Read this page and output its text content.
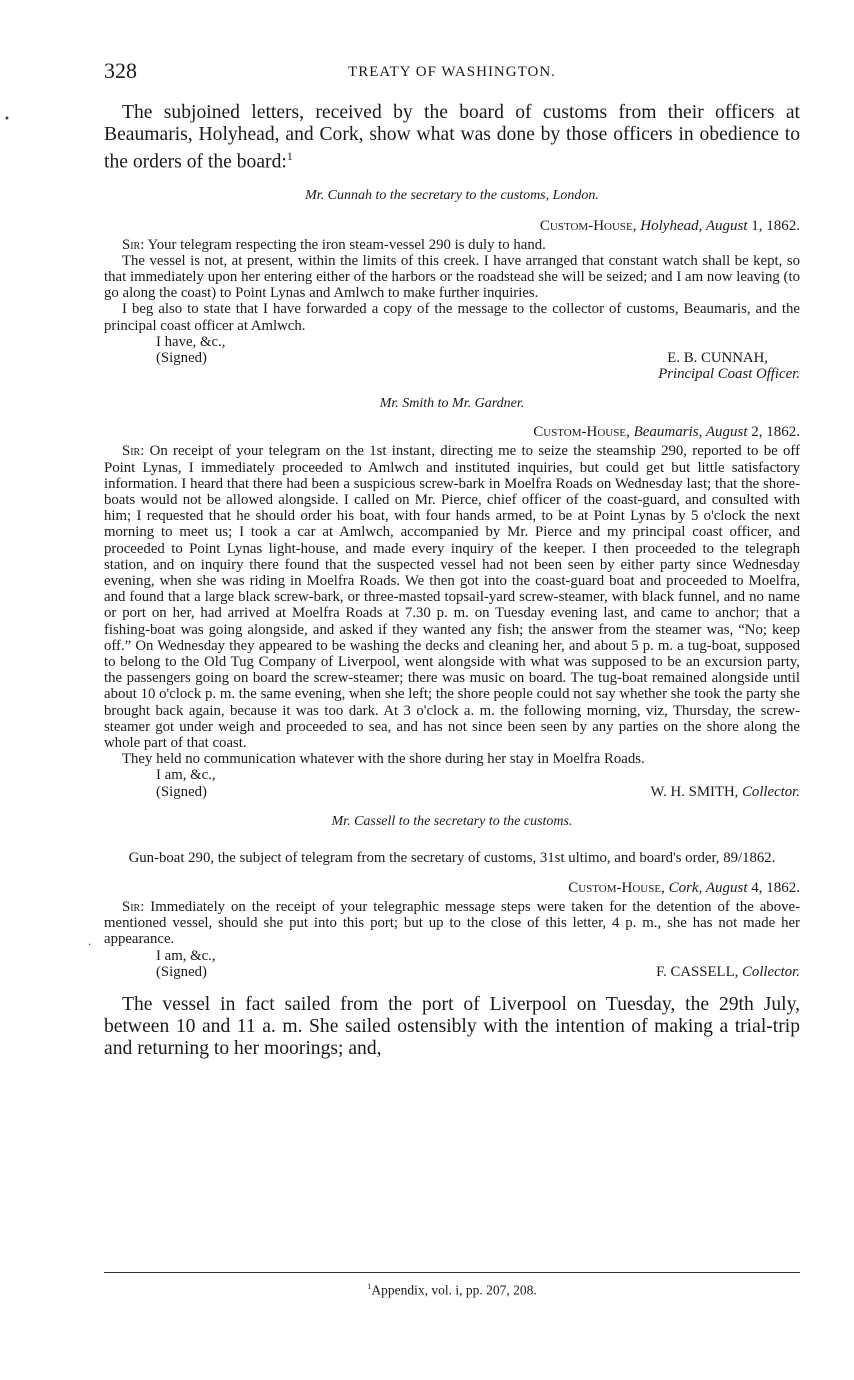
•
·
328	TREATY OF WASHINGTON.

The subjoined letters, received by the board of customs from their officers at Beaumaris, Holyhead, and Cork, show what was done by those officers in obedience to the orders of the board:$^1$

Mr. Cunnah to the secretary to the customs, London.

Custom-House, Holyhead, August 1, 1862.

Sir: Your telegram respecting the iron steam-vessel 290 is duly to hand.

The vessel is not, at present, within the limits of this creek. I have arranged that constant watch shall be kept, so that immediately upon her entering either of the harbors or the roadstead she will be seized; and I am now leaving (to go along the coast) to Point Lynas and Amlwch to make further inquiries.

I beg also to state that I have forwarded a copy of the message to the collector of customs, Beaumaris, and the principal coast officer at Amlwch.

I have, &c.,

(Signed)	E. B. CUNNAH,

Principal Coast Officer.

Mr. Smith to Mr. Gardner.

Custom-House, Beaumaris, August 2, 1862.

Sir: On receipt of your telegram on the 1st instant, directing me to seize the steamship 290, reported to be off Point Lynas, I immediately proceeded to Amlwch and instituted inquiries, but could get but little satisfactory information. I heard that there had been a suspicious screw-bark in Moelfra Roads on Wednesday last; that the shore-boats would not be allowed alongside. I called on Mr. Pierce, chief officer of the coast-guard, and consulted with him; I requested that he should order his boat, with four hands armed, to be at Point Lynas by 5 o'clock the next morning to meet us; I took a car at Amlwch, accompanied by Mr. Pierce and my principal coast officer, and proceeded to Point Lynas light-house, and made every inquiry of the keeper. I then proceeded to the telegraph station, and on inquiry there found that the suspected vessel had not been seen by either party since Wednesday evening, when she was riding in Moelfra Roads. We then got into the coast-guard boat and proceeded to Moelfra, and found that a large black screw-bark, or three-masted topsail-yard screw-steamer, with black funnel, and no name or port on her, had arrived at Moelfra Roads at 7.30 p. m. on Tuesday evening last, and came to anchor; that a fishing-boat was going alongside, and asked if they wanted any fish; the answer from the steamer was, “No; keep off.” On Wednesday they appeared to be washing the decks and cleaning her, and about 5 p. m. a tug-boat, supposed to belong to the Old Tug Company of Liverpool, went alongside with what was supposed to be an excursion party, the passengers going on board the screw-steamer; there was music on board. The tug-boat remained alongside until about 10 o'clock p. m. the same evening, when she left; the shore people could not say whether she took the party she brought back again, because it was too dark. At 3 o'clock a. m. the following morning, viz, Thursday, the screw-steamer got under weigh and proceeded to sea, and has not since been seen by any parties on the shore along the whole part of that coast.

They held no communication whatever with the shore during her stay in Moelfra Roads.

I am, &c.,

(Signed)	W. H. SMITH, Collector.

Mr. Cassell to the secretary to the customs.

Gun-boat 290, the subject of telegram from the secretary of customs, 31st ultimo, and board's order, 89/1862.

Custom-House, Cork, August 4, 1862.

Sir: Immediately on the receipt of your telegraphic message steps were taken for the detention of the above-mentioned vessel, should she put into this port; but up to the close of this letter, 4 p. m., she has not made her appearance.

I am, &c.,

(Signed)	F. CASSELL, Collector.

The vessel in fact sailed from the port of Liverpool on Tuesday, the 29th July, between 10 and 11 a. m. She sailed ostensibly with the intention of making a trial-trip and returning to her moorings; and,

$^1$Appendix, vol. i, pp. 207, 208.
